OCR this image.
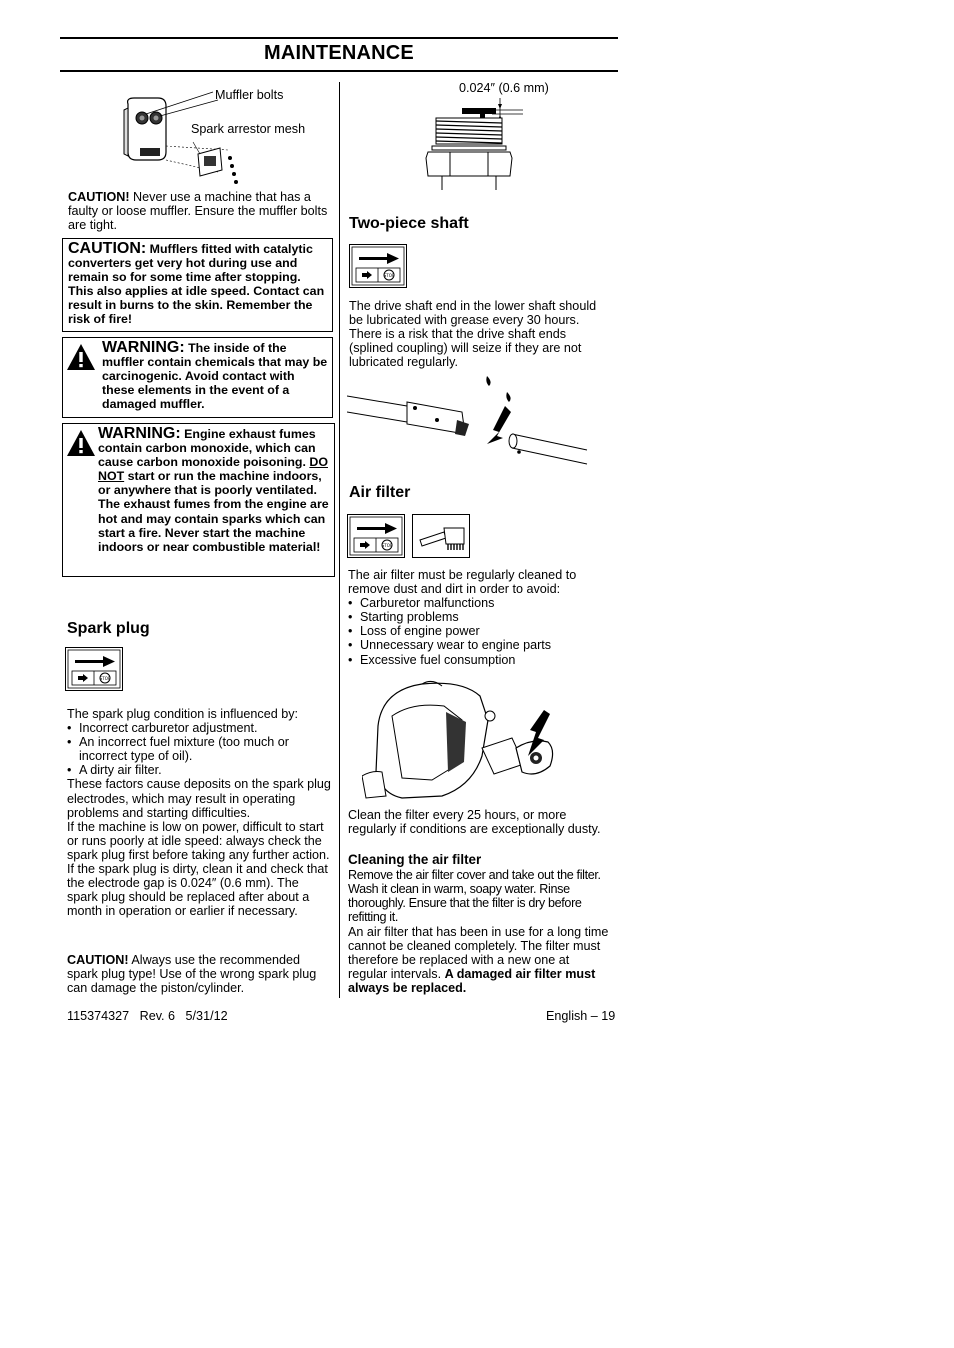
MAINTENANCE
Muffler bolts
Spark arrestor mesh
CAUTION! Never use a machine that has a faulty or loose muffler. Ensure the muffler bolts are tight.
CAUTION: Mufflers fitted with catalytic converters get very hot during use and remain so for some time after stopping. This also applies at idle speed. Contact can result in burns to the skin. Remember the risk of fire!
WARNING: The inside of the muffler contain chemicals that may be carcinogenic. Avoid contact with these elements in the event of a damaged muffler.
WARNING: Engine exhaust fumes contain carbon monoxide, which can cause carbon monoxide poisoning. DO NOT start or run the machine indoors, or anywhere that is poorly ventilated. The exhaust fumes from the engine are hot and may contain sparks which can start a fire. Never start the machine indoors or near combustible material!
Spark plug
STOP
The spark plug condition is influenced by:
• Incorrect carburetor adjustment.
• An incorrect fuel mixture (too much or incorrect type of oil).
• A dirty air filter.
These factors cause deposits on the spark plug electrodes, which may result in operating problems and starting difficulties.
If the machine is low on power, difficult to start or runs poorly at idle speed: always check the spark plug first before taking any further action. If the spark plug is dirty, clean it and check that the electrode gap is 0.024″ (0.6 mm). The spark plug should be replaced after about a month in operation or earlier if necessary.
CAUTION! Always use the recommended spark plug type! Use of the wrong spark plug can damage the piston/cylinder.
0.024″ (0.6 mm)
Two-piece shaft
STOP
The drive shaft end in the lower shaft should be lubricated with grease every 30 hours. There is a risk that the drive shaft ends (splined coupling) will seize if they are not lubricated regularly.
Air filter
STOP
The air filter must be regularly cleaned to remove dust and dirt in order to avoid:
• Carburetor malfunctions
• Starting problems
• Loss of engine power
• Unnecessary wear to engine parts
• Excessive fuel consumption
Clean the filter every 25 hours, or more regularly if conditions are exceptionally dusty.
Cleaning the air filter
Remove the air filter cover and take out the filter. Wash it clean in warm, soapy water. Rinse thoroughly. Ensure that the filter is dry before refitting it.
An air filter that has been in use for a long time cannot be cleaned completely. The filter must therefore be replaced with a new one at regular intervals. A damaged air filter must always be replaced.
115374327   Rev. 6   5/31/12	English – 19
